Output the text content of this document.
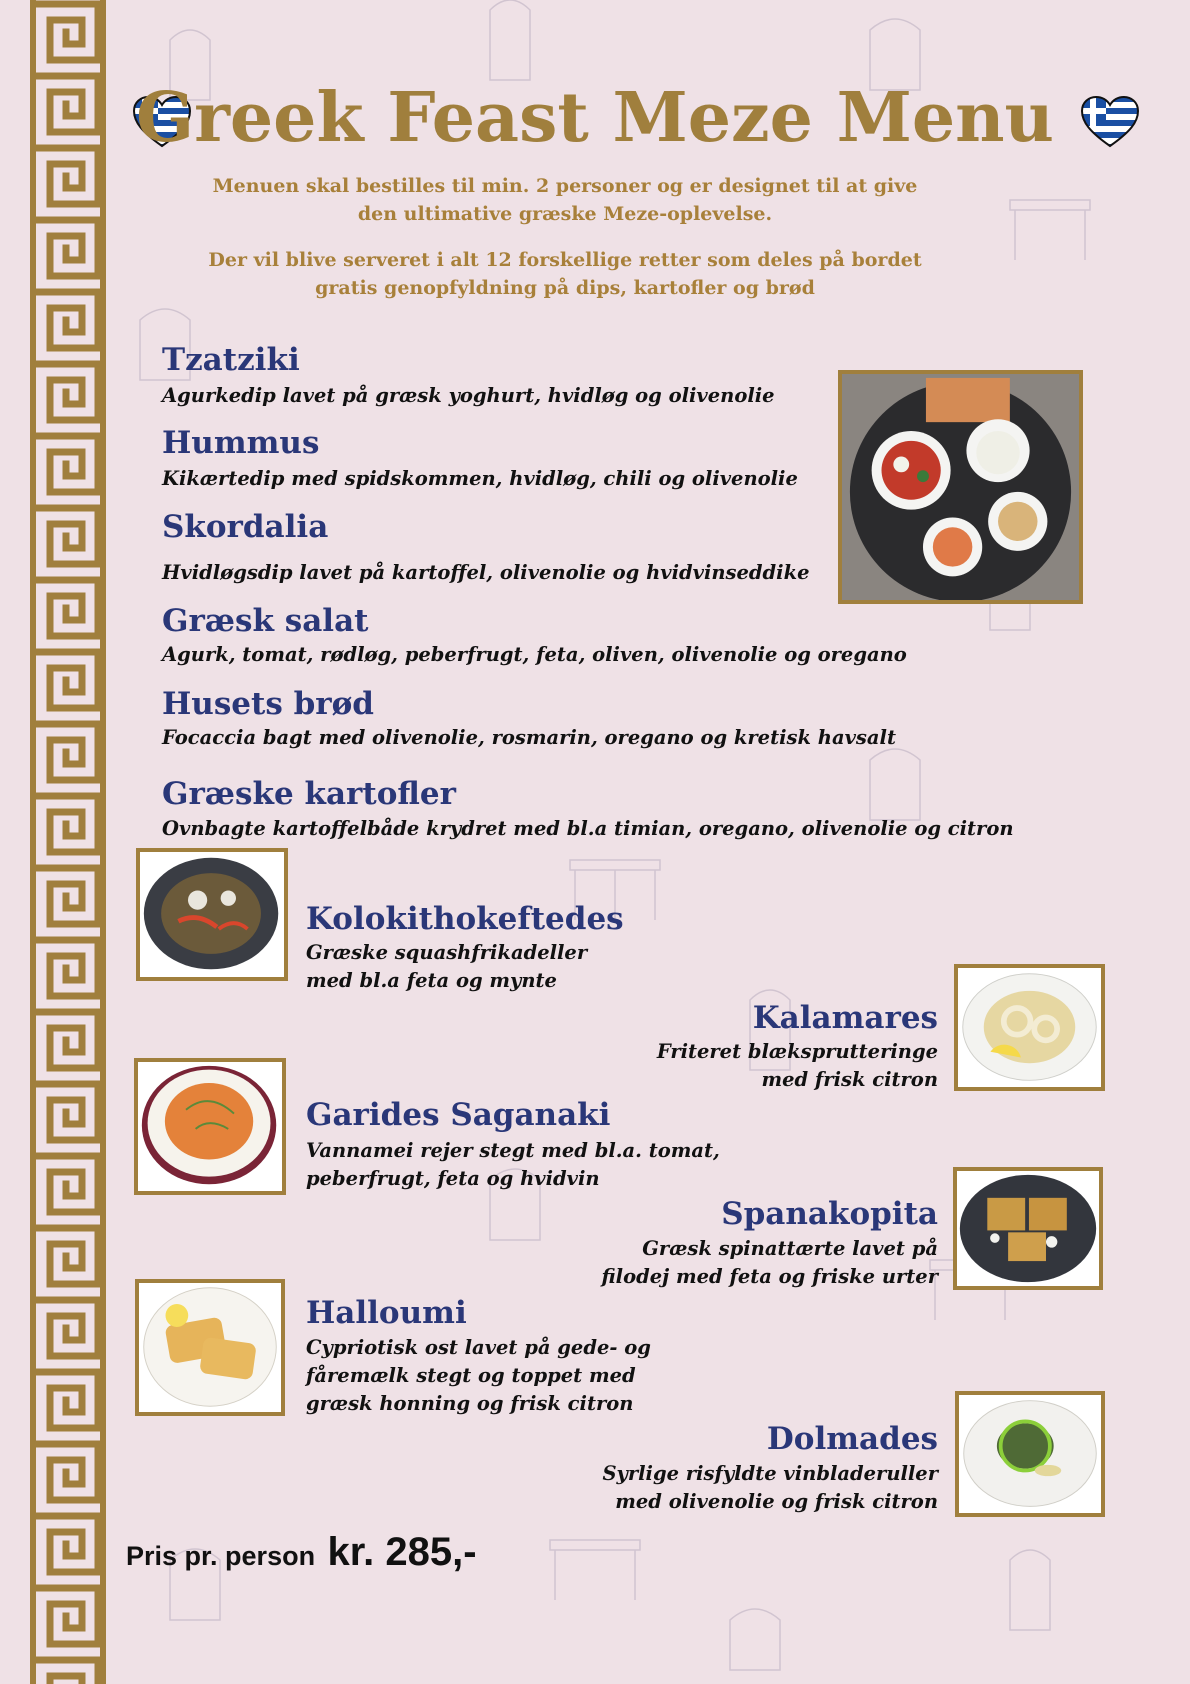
Greek Feast Meze Menu
Menuen skal bestilles til min. 2 personer og er designet til at give
den ultimative græske Meze-oplevelse.
Der vil blive serveret i alt 12 forskellige retter som deles på bordet
gratis genopfyldning på dips, kartofler og brød
Tzatziki
Agurkedip lavet på græsk yoghurt, hvidløg og olivenolie
Hummus
Kikærtedip med spidskommen, hvidløg, chili og olivenolie
Skordalia
Hvidløgsdip lavet på kartoffel, olivenolie og hvidvinseddike
Græsk salat
Agurk, tomat, rødløg, peberfrugt, feta, oliven, olivenolie og oregano
Husets brød
Focaccia bagt med olivenolie, rosmarin, oregano og kretisk havsalt
Græske kartofler
Ovnbagte kartoffelbåde krydret med bl.a timian, oregano, olivenolie og citron
Kolokithokeftedes
Græske squashfrikadeller
med bl.a feta og mynte
Kalamares
Friteret blæksprutteringe
med frisk citron
Garides Saganaki
Vannamei rejer stegt med bl.a. tomat,
peberfrugt, feta og hvidvin
Spanakopita
Græsk spinattærte lavet på
filodej med feta og friske urter
Halloumi
Cypriotisk ost lavet på gede- og
fåremælk stegt og toppet med
græsk honning og frisk citron
Dolmades
Syrlige risfyldte vinbladeruller
med olivenolie og frisk citron
Pris pr. person kr. 285,-
